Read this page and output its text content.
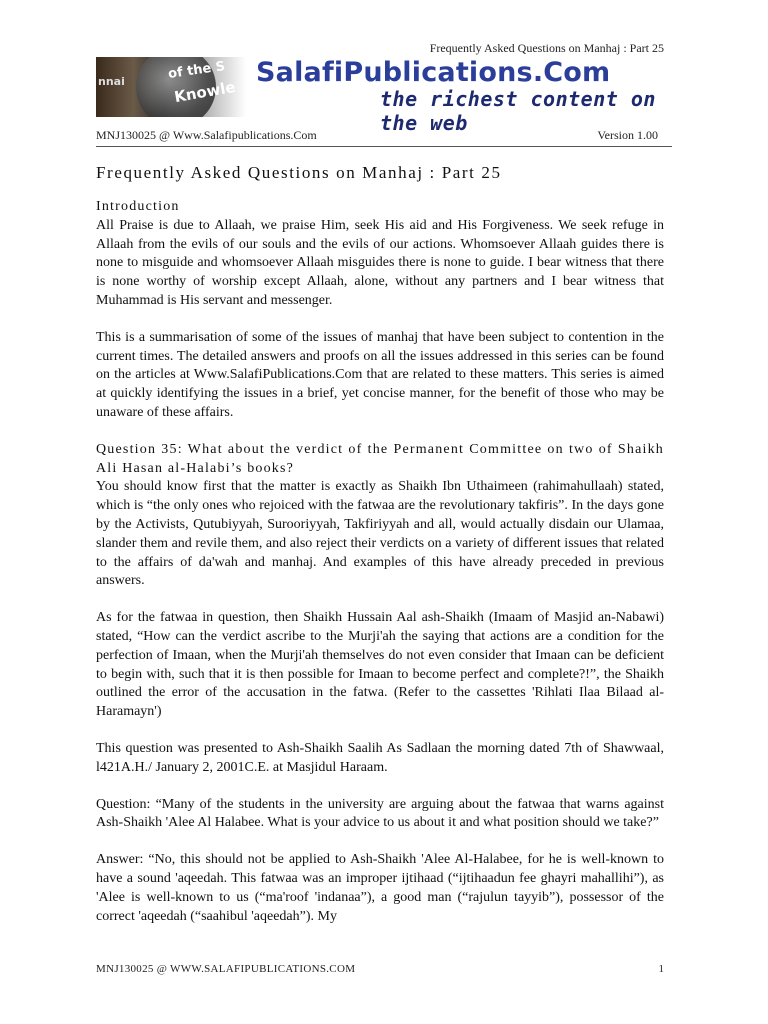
Frequently Asked Questions on Manhaj : Part 25
nnai	of the S
Knowle
SalafiPublications.Com
the richest content on the web
MNJ130025 @ Www.Salafipublications.Com	Version 1.00
Frequently Asked Questions on Manhaj : Part 25

Introduction

All Praise is due to Allaah, we praise Him, seek His aid and His Forgiveness. We seek refuge in Allaah from the evils of our souls and the evils of our actions. Whomsoever Allaah guides there is none to misguide and whomsoever Allaah misguides there is none to guide. I bear witness that there is none worthy of worship except Allaah, alone, without any partners and I bear witness that Muhammad is His servant and messenger.

This is a summarisation of some of the issues of manhaj that have been subject to contention in the current times. The detailed answers and proofs on all the issues addressed in this series can be found on the articles at Www.SalafiPublications.Com that are related to these matters. This series is aimed at quickly identifying the issues in a brief, yet concise manner, for the benefit of those who may be unaware of these affairs.

Question 35: What about the verdict of the Permanent Committee on two of Shaikh Ali Hasan al-Halabi’s books?

You should know first that the matter is exactly as Shaikh Ibn Uthaimeen (rahimahullaah) stated, which is “the only ones who rejoiced with the fatwaa are the revolutionary takfiris”. In the days gone by the Activists, Qutubiyyah, Surooriyyah, Takfiriyyah and all, would actually disdain our Ulamaa, slander them and revile them, and also reject their verdicts on a variety of different issues that related to the affairs of da'wah and manhaj. And examples of this have already preceded in previous answers.

As for the fatwaa in question, then Shaikh Hussain Aal ash-Shaikh (Imaam of Masjid an-Nabawi) stated, “How can the verdict ascribe to the Murji'ah the saying that actions are a condition for the perfection of Imaan, when the Murji'ah themselves do not even consider that Imaan can be deficient to begin with, such that it is then possible for Imaan to become perfect and complete?!”, the Shaikh outlined the error of the accusation in the fatwa. (Refer to the cassettes 'Rihlati Ilaa Bilaad al-Haramayn')

This question was presented to Ash-Shaikh Saalih As Sadlaan the morning dated 7th of Shawwaal, l421A.H./ January 2, 2001C.E. at Masjidul Haraam.

Question: “Many of the students in the university are arguing about the fatwaa that warns against Ash-Shaikh 'Alee Al Halabee. What is your advice to us about it and what position should we take?”

Answer: “No, this should not be applied to Ash-Shaikh 'Alee Al-Halabee, for he is well-known to have a sound 'aqeedah. This fatwaa was an improper ijtihaad (“ijtihaadun fee ghayri mahallihi”), as 'Alee is well-known to us (“ma'roof 'indanaa”), a good man (“rajulun tayyib”), possessor of the correct 'aqeedah (“saahibul 'aqeedah”). My

MNJ130025 @ WWW.SALAFIPUBLICATIONS.COM	1
